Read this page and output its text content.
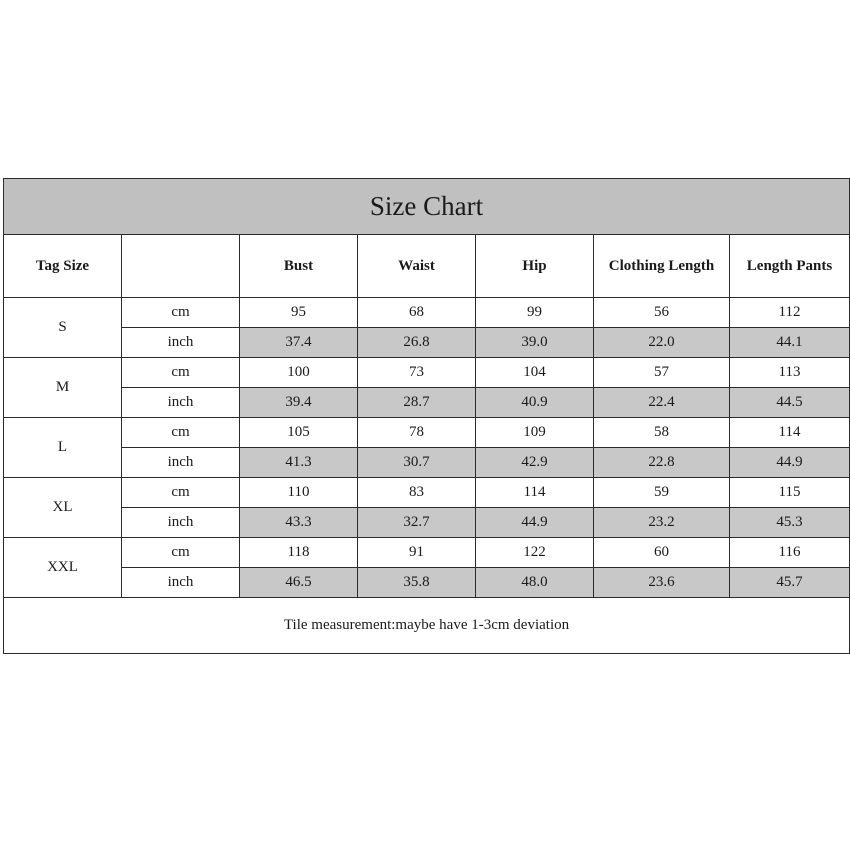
Size Chart						
Tag Size		Bust	Waist	Hip	Clothing Length	Length Pants
S	cm	95	68	99	56	112
	inch	37.4	26.8	39.0	22.0	44.1
M	cm	100	73	104	57	113
	inch	39.4	28.7	40.9	22.4	44.5
L	cm	105	78	109	58	114
	inch	41.3	30.7	42.9	22.8	44.9
XL	cm	110	83	114	59	115
	inch	43.3	32.7	44.9	23.2	45.3
XXL	cm	118	91	122	60	116
	inch	46.5	35.8	48.0	23.6	45.7
Tile measurement:maybe have 1-3cm deviation						
